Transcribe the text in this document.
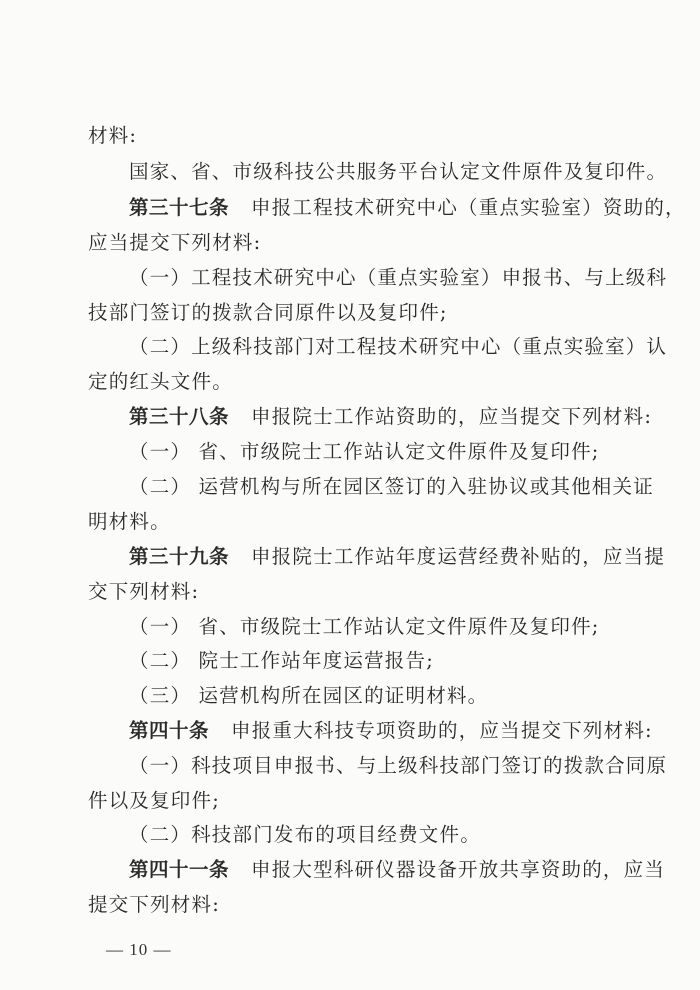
材料:
国家、省、市级科技公共服务平台认定文件原件及复印件。
第三十七条 申报工程技术研究中心（重点实验室）资助的，
应当提交下列材料:
（一）工程技术研究中心（重点实验室）申报书、与上级科
技部门签订的拨款合同原件以及复印件;
（二）上级科技部门对工程技术研究中心（重点实验室）认
定的红头文件。
第三十八条 申报院士工作站资助的，应当提交下列材料:
（一） 省、市级院士工作站认定文件原件及复印件;
（二） 运营机构与所在园区签订的入驻协议或其他相关证
明材料。
第三十九条 申报院士工作站年度运营经费补贴的，应当提
交下列材料:
（一） 省、市级院士工作站认定文件原件及复印件;
（二） 院士工作站年度运营报告;
（三） 运营机构所在园区的证明材料。
第四十条 申报重大科技专项资助的，应当提交下列材料:
（一）科技项目申报书、与上级科技部门签订的拨款合同原
件以及复印件;
（二）科技部门发布的项目经费文件。
第四十一条 申报大型科研仪器设备开放共享资助的，应当
提交下列材料:
— 10 —
